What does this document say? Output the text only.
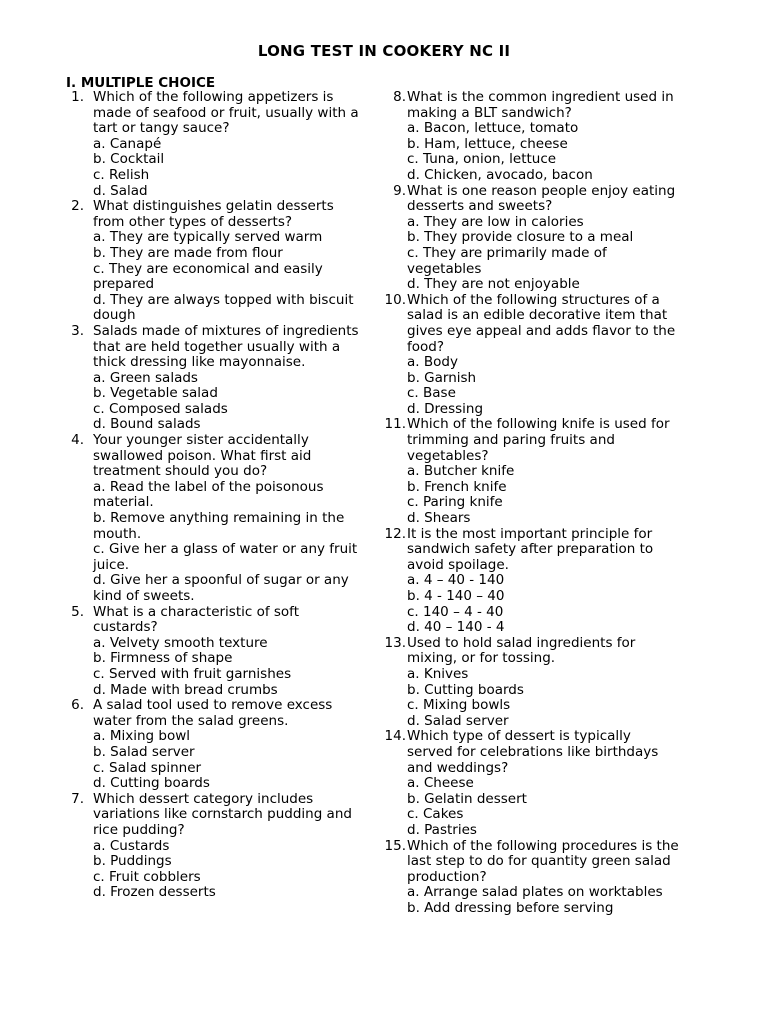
LONG TEST IN COOKERY NC II
I. MULTIPLE CHOICE
1. Which of the following appetizers is made of seafood or fruit, usually with a tart or tangy sauce?
a. Canapé
b. Cocktail
c. Relish
d. Salad
2. What distinguishes gelatin desserts from other types of desserts?
a. They are typically served warm
b. They are made from flour
c. They are economical and easily prepared
d. They are always topped with biscuit dough
3. Salads made of mixtures of ingredients that are held together usually with a thick dressing like mayonnaise.
a. Green salads
b. Vegetable salad
c. Composed salads
d. Bound salads
4. Your younger sister accidentally swallowed poison. What first aid treatment should you do?
a. Read the label of the poisonous material.
b. Remove anything remaining in the mouth.
c. Give her a glass of water or any fruit juice.
d. Give her a spoonful of sugar or any kind of sweets.
5. What is a characteristic of soft custards?
a. Velvety smooth texture
b. Firmness of shape
c. Served with fruit garnishes
d. Made with bread crumbs
6. A salad tool used to remove excess water from the salad greens.
a. Mixing bowl
b. Salad server
c. Salad spinner
d. Cutting boards
7. Which dessert category includes variations like cornstarch pudding and rice pudding?
a. Custards
b. Puddings
c. Fruit cobblers
d. Frozen desserts
8. What is the common ingredient used in making a BLT sandwich?
a. Bacon, lettuce, tomato
b. Ham, lettuce, cheese
c. Tuna, onion, lettuce
d. Chicken, avocado, bacon
9. What is one reason people enjoy eating desserts and sweets?
a. They are low in calories
b. They provide closure to a meal
c. They are primarily made of vegetables
d. They are not enjoyable
10. Which of the following structures of a salad is an edible decorative item that gives eye appeal and adds flavor to the food?
a. Body
b. Garnish
c. Base
d. Dressing
11. Which of the following knife is used for trimming and paring fruits and vegetables?
a. Butcher knife
b. French knife
c. Paring knife
d. Shears
12. It is the most important principle for sandwich safety after preparation to avoid spoilage.
a. 4 – 40 - 140
b. 4 - 140 – 40
c. 140 – 4 - 40
d. 40 – 140 - 4
13. Used to hold salad ingredients for mixing, or for tossing.
a. Knives
b. Cutting boards
c. Mixing bowls
d. Salad server
14. Which type of dessert is typically served for celebrations like birthdays and weddings?
a. Cheese
b. Gelatin dessert
c. Cakes
d. Pastries
15. Which of the following procedures is the last step to do for quantity green salad production?
a. Arrange salad plates on worktables
b. Add dressing before serving
